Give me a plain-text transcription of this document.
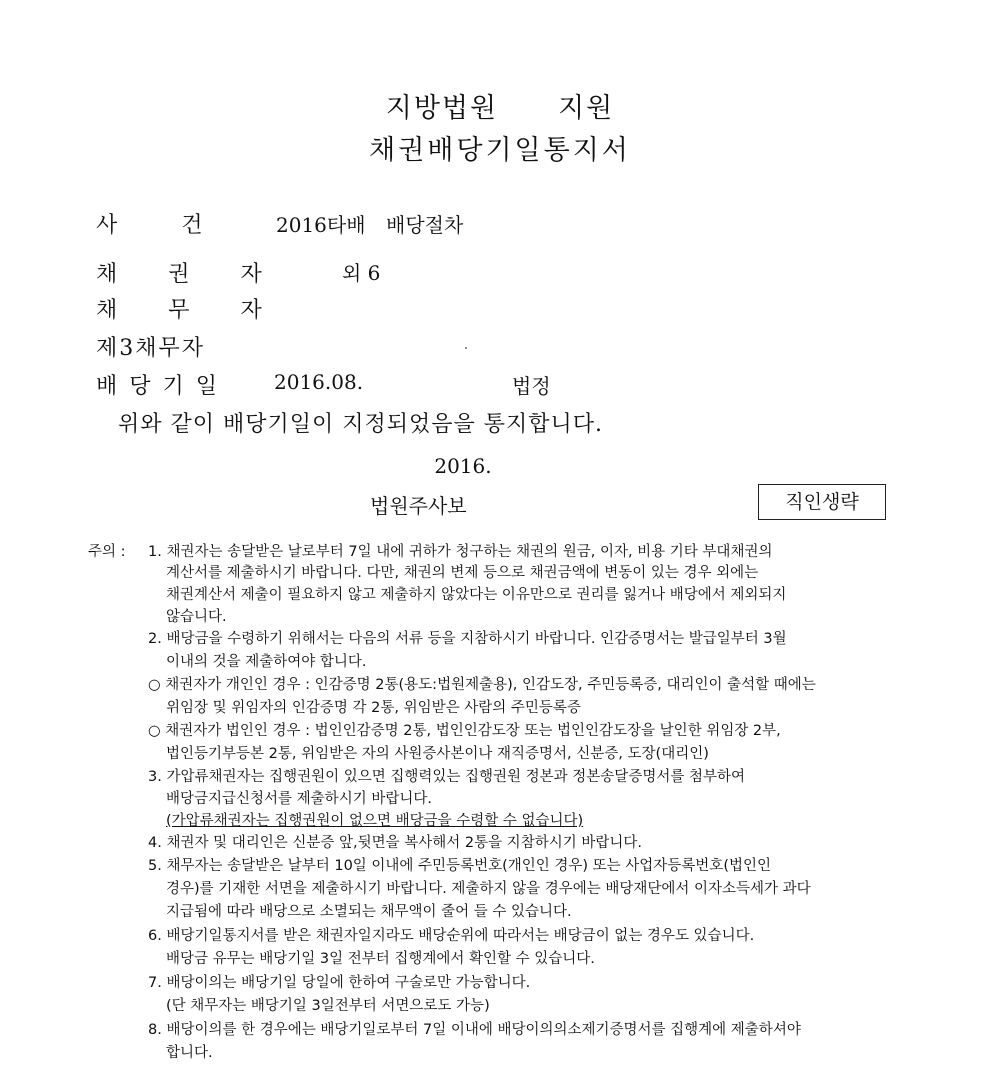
지방법원 지원
채권배당기일통지서
사	건	2016타배 배당절차
채 권 자	외 6
채 무 자
제3채무자
배당기일 2016.08.	법정
위와 같이 배당기일이 지정되었음을 통지합니다.
2016.
법원주사보	직인생략
주의 : 1. 채권자는 송달받은 날로부터 7일 내에 귀하가 청구하는 채권의 원금, 이자, 비용 기타 부대채권의
계산서를 제출하시기 바랍니다. 다만, 채권의 변제 등으로 채권금액에 변동이 있는 경우 외에는
채권계산서 제출이 필요하지 않고 제출하지 않았다는 이유만으로 권리를 잃거나 배당에서 제외되지
않습니다.
2. 배당금을 수령하기 위해서는 다음의 서류 등을 지참하시기 바랍니다. 인감증명서는 발급일부터 3월
이내의 것을 제출하여야 합니다.
○ 채권자가 개인인 경우 : 인감증명 2통(용도:법원제출용), 인감도장, 주민등록증, 대리인이 출석할 때에는
위임장 및 위임자의 인감증명 각 2통, 위임받은 사람의 주민등록증
○ 채권자가 법인인 경우 : 법인인감증명 2통, 법인인감도장 또는 법인인감도장을 날인한 위임장 2부,
법인등기부등본 2통, 위임받은 자의 사원증사본이나 재직증명서, 신분증, 도장(대리인)
3. 가압류채권자는 집행권원이 있으면 집행력있는 집행권원 정본과 정본송달증명서를 첨부하여
배당금지급신청서를 제출하시기 바랍니다.
(가압류채권자는 집행권원이 없으면 배당금을 수령할 수 없습니다)
4. 채권자 및 대리인은 신분증 앞,뒷면을 복사해서 2통을 지참하시기 바랍니다.
5. 채무자는 송달받은 날부터 10일 이내에 주민등록번호(개인인 경우) 또는 사업자등록번호(법인인
경우)를 기재한 서면을 제출하시기 바랍니다. 제출하지 않을 경우에는 배당재단에서 이자소득세가 과다
지급됨에 따라 배당으로 소멸되는 채무액이 줄어 들 수 있습니다.
6. 배당기일통지서를 받은 채권자일지라도 배당순위에 따라서는 배당금이 없는 경우도 있습니다.
배당금 유무는 배당기일 3일 전부터 집행계에서 확인할 수 있습니다.
7. 배당이의는 배당기일 당일에 한하여 구술로만 가능합니다.
(단 채무자는 배당기일 3일전부터 서면으로도 가능)
8. 배당이의를 한 경우에는 배당기일로부터 7일 이내에 배당이의의소제기증명서를 집행계에 제출하셔야
합니다.
